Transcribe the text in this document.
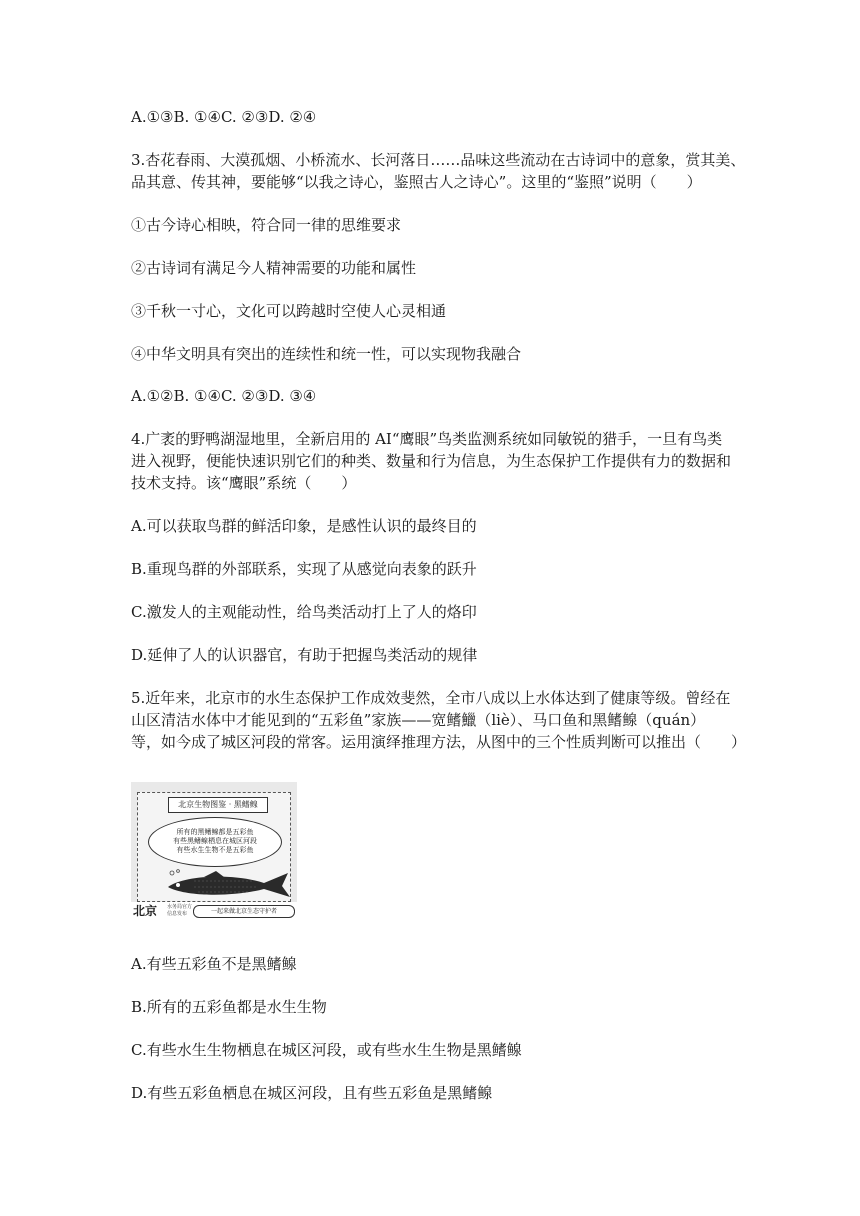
A.①③B. ①④C. ②③D. ②④
3.杏花春雨、大漠孤烟、小桥流水、长河落日……品味这些流动在古诗词中的意象，赏其美、
品其意、传其神，要能够“以我之诗心，鉴照古人之诗心”。这里的“鉴照”说明（　　）
①古今诗心相映，符合同一律的思维要求
②古诗词有满足今人精神需要的功能和属性
③千秋一寸心，文化可以跨越时空使人心灵相通
④中华文明具有突出的连续性和统一性，可以实现物我融合
A.①②B. ①④C. ②③D. ③④
4.广袤的野鸭湖湿地里，全新启用的 AI“鹰眼”鸟类监测系统如同敏锐的猎手，一旦有鸟类
进入视野，便能快速识别它们的种类、数量和行为信息，为生态保护工作提供有力的数据和
技术支持。该“鹰眼”系统（　　）
A.可以获取鸟群的鲜活印象，是感性认识的最终目的
B.重现鸟群的外部联系，实现了从感觉向表象的跃升
C.激发人的主观能动性，给鸟类活动打上了人的烙印
D.延伸了人的认识器官，有助于把握鸟类活动的规律
5.近年来，北京市的水生态保护工作成效斐然，全市八成以上水体达到了健康等级。曾经在
山区清洁水体中才能见到的“五彩鱼”家族——宽鳍鱲（liè）、马口鱼和黑鳍鳈（quán）
等，如今成了城区河段的常客。运用演绎推理方法，从图中的三个性质判断可以推出（　　）
北京生物图鉴 · 黑鳍鳈
所有的黑鳍鳈都是五彩鱼
有些黑鳍鳈栖息在城区河段
有些水生生物不是五彩鱼
北京 水务局官方
信息发布	一起来做北京生态守护者
A.有些五彩鱼不是黑鳍鳈
B.所有的五彩鱼都是水生生物
C.有些水生生物栖息在城区河段，或有些水生生物是黑鳍鳈
D.有些五彩鱼栖息在城区河段，且有些五彩鱼是黑鳍鳈
